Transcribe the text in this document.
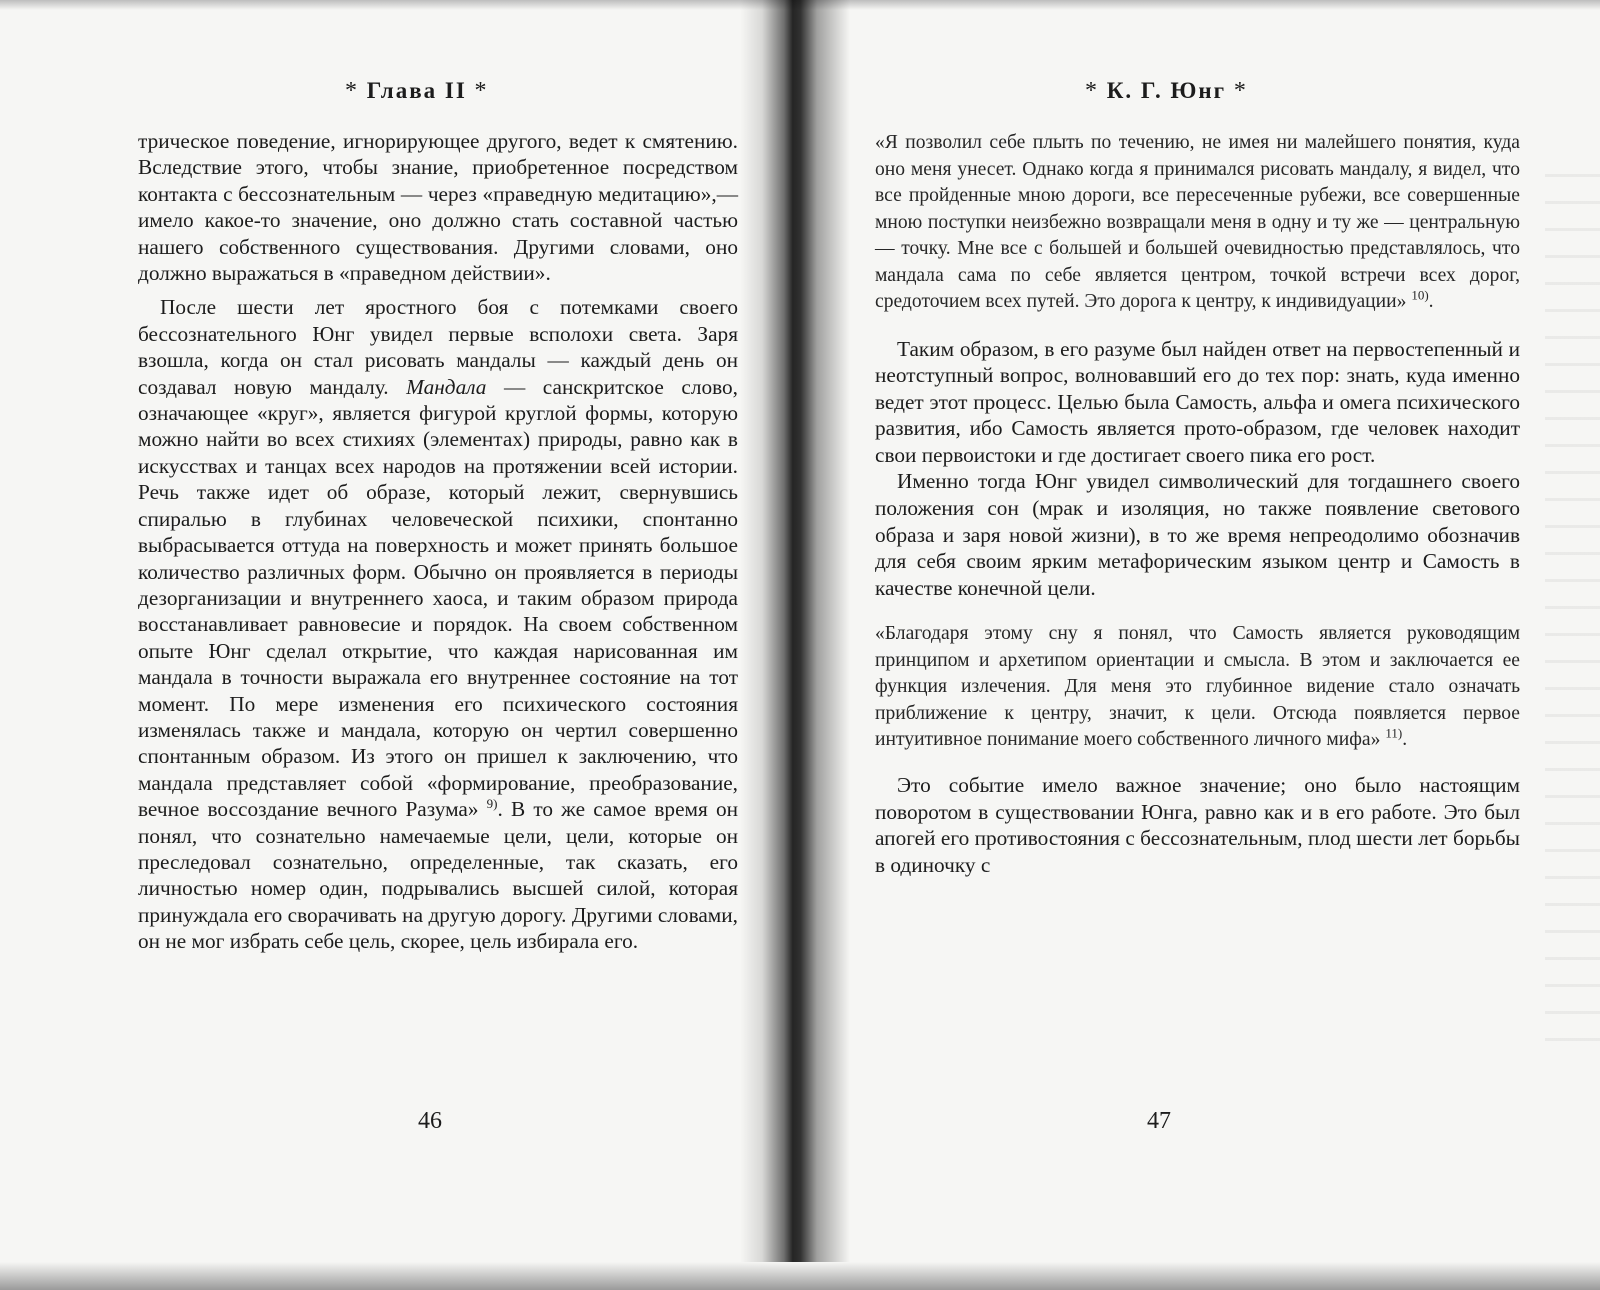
* Глава II *

трическое поведение, игнорирующее другого, ведет к смятению. Вследствие этого, чтобы знание, приобретенное посредством контакта с бессознательным — через «праведную медитацию»,— имело какое-то значение, оно должно стать составной частью нашего собственного существования. Другими словами, оно должно выражаться в «праведном действии».

После шести лет яростного боя с потемками своего бессознательного Юнг увидел первые всполохи света. Заря взошла, когда он стал рисовать мандалы — каждый день он создавал новую мандалу. Мандала — санскритское слово, означающее «круг», является фигурой круглой формы, которую можно найти во всех стихиях (элементах) природы, равно как в искусствах и танцах всех народов на протяжении всей истории. Речь также идет об образе, который лежит, свернувшись спиралью в глубинах человеческой психики, спонтанно выбрасывается оттуда на поверхность и может принять большое количество различных форм. Обычно он проявляется в периоды дезорганизации и внутреннего хаоса, и таким образом природа восстанавливает равновесие и порядок. На своем собственном опыте Юнг сделал открытие, что каждая нарисованная им мандала в точности выражала его внутреннее состояние на тот момент. По мере изменения его психического состояния изменялась также и мандала, которую он чертил совершенно спонтанным образом. Из этого он пришел к заключению, что мандала представляет собой «формирование, преобразование, вечное воссоздание вечного Разума» $^{9)}$. В то же самое время он понял, что сознательно намечаемые цели, цели, которые он преследовал сознательно, определенные, так сказать, его личностью номер один, подрывались высшей силой, которая принуждала его сворачивать на другую дорогу. Другими словами, он не мог избрать себе цель, скорее, цель избирала его.

46
* К. Г. Юнг *

«Я позволил себе плыть по течению, не имея ни малейшего понятия, куда оно меня унесет. Однако когда я принимался рисовать мандалу, я видел, что все пройденные мною дороги, все пересеченные рубежи, все совершенные мною поступки неизбежно возвращали меня в одну и ту же — центральную — точку. Мне все с большей и большей очевидностью представлялось, что мандала сама по себе является центром, точкой встречи всех дорог, средоточием всех путей. Это дорога к центру, к индивидуации» $^{10)}$.

Таким образом, в его разуме был найден ответ на первостепенный и неотступный вопрос, волновавший его до тех пор: знать, куда именно ведет этот процесс. Целью была Самость, альфа и омега психического развития, ибо Самость является прото-образом, где человек находит свои первоистоки и где достигает своего пика его рост.

Именно тогда Юнг увидел символический для тогдашнего своего положения сон (мрак и изоляция, но также появление светового образа и заря новой жизни), в то же время непреодолимо обозначив для себя своим ярким метафорическим языком центр и Самость в качестве конечной цели.

«Благодаря этому сну я понял, что Самость является руководящим принципом и архетипом ориентации и смысла. В этом и заключается ее функция излечения. Для меня это глубинное видение стало означать приближение к центру, значит, к цели. Отсюда появляется первое интуитивное понимание моего собственного личного мифа» $^{11)}$.

Это событие имело важное значение; оно было настоящим поворотом в существовании Юнга, равно как и в его работе. Это был апогей его противостояния с бессознательным, плод шести лет борьбы в одиночку с

47
